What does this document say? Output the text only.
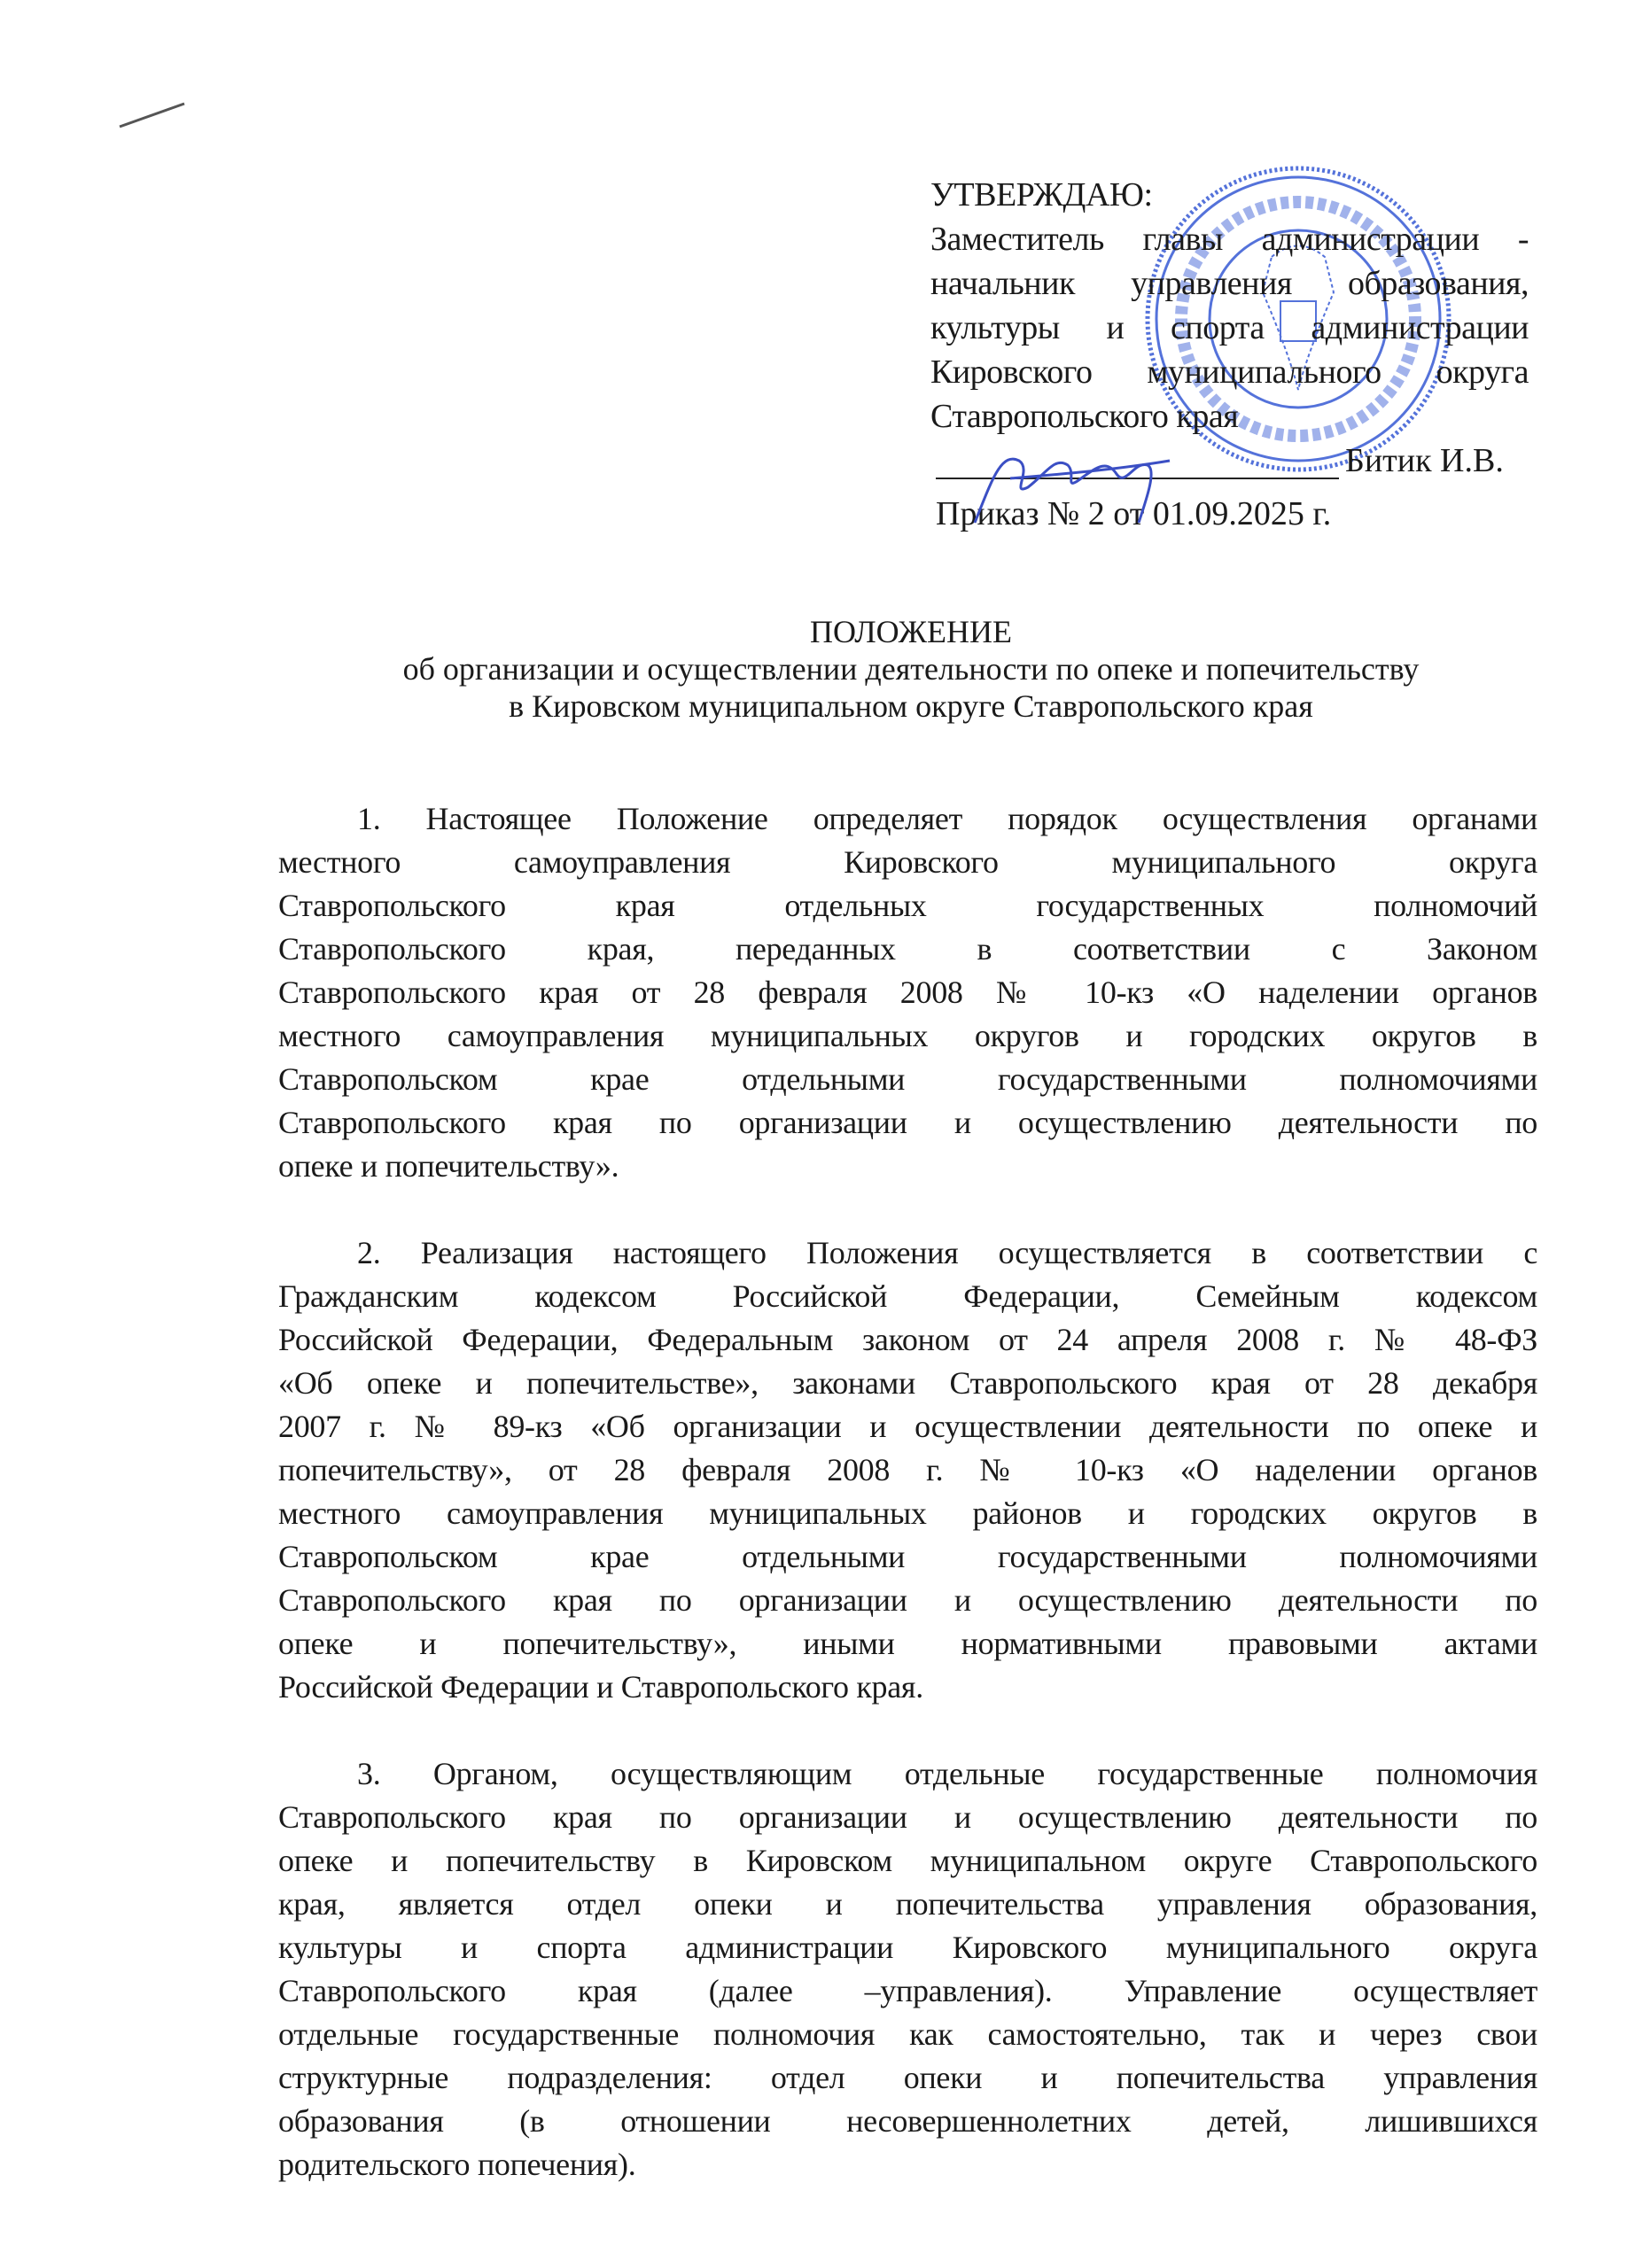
УТВЕРЖДАЮ:
Заместитель главы администрации -
начальник управления образования,
культуры и спорта администрации
Кировского муниципального округа
Ставропольского края
Битик И.В.
Приказ № 2 от 01.09.2025 г.
ПОЛОЖЕНИЕ
об организации и осуществлении деятельности по опеке и попечительству
в Кировском муниципальном округе Ставропольского края
1. Настоящее Положение определяет порядок осуществления органами
местного самоуправления Кировского муниципального округа
Ставропольского края отдельных государственных полномочий
Ставропольского края, переданных в соответствии с Законом
Ставропольского края от 28 февраля 2008 № 10-кз «О наделении органов
местного самоуправления муниципальных округов и городских округов в
Ставропольском крае отдельными государственными полномочиями
Ставропольского края по организации и осуществлению деятельности по
опеке и попечительству».
2. Реализация настоящего Положения осуществляется в соответствии с
Гражданским кодексом Российской Федерации, Семейным кодексом
Российской Федерации, Федеральным законом от 24 апреля 2008 г. № 48-ФЗ
«Об опеке и попечительстве», законами Ставропольского края от 28 декабря
2007 г. № 89-кз «Об организации и осуществлении деятельности по опеке и
попечительству», от 28 февраля 2008 г. № 10-кз «О наделении органов
местного самоуправления муниципальных районов и городских округов в
Ставропольском крае отдельными государственными полномочиями
Ставропольского края по организации и осуществлению деятельности по
опеке и попечительству», иными нормативными правовыми актами
Российской Федерации и Ставропольского края.
3. Органом, осуществляющим отдельные государственные полномочия
Ставропольского края по организации и осуществлению деятельности по
опеке и попечительству в Кировском муниципальном округе Ставропольского
края, является отдел опеки и попечительства управления образования,
культуры и спорта администрации Кировского муниципального округа
Ставропольского края (далее –управления). Управление осуществляет
отдельные государственные полномочия как самостоятельно, так и через свои
структурные подразделения: отдел опеки и попечительства управления
образования (в отношении несовершеннолетних детей, лишившихся
родительского попечения).
